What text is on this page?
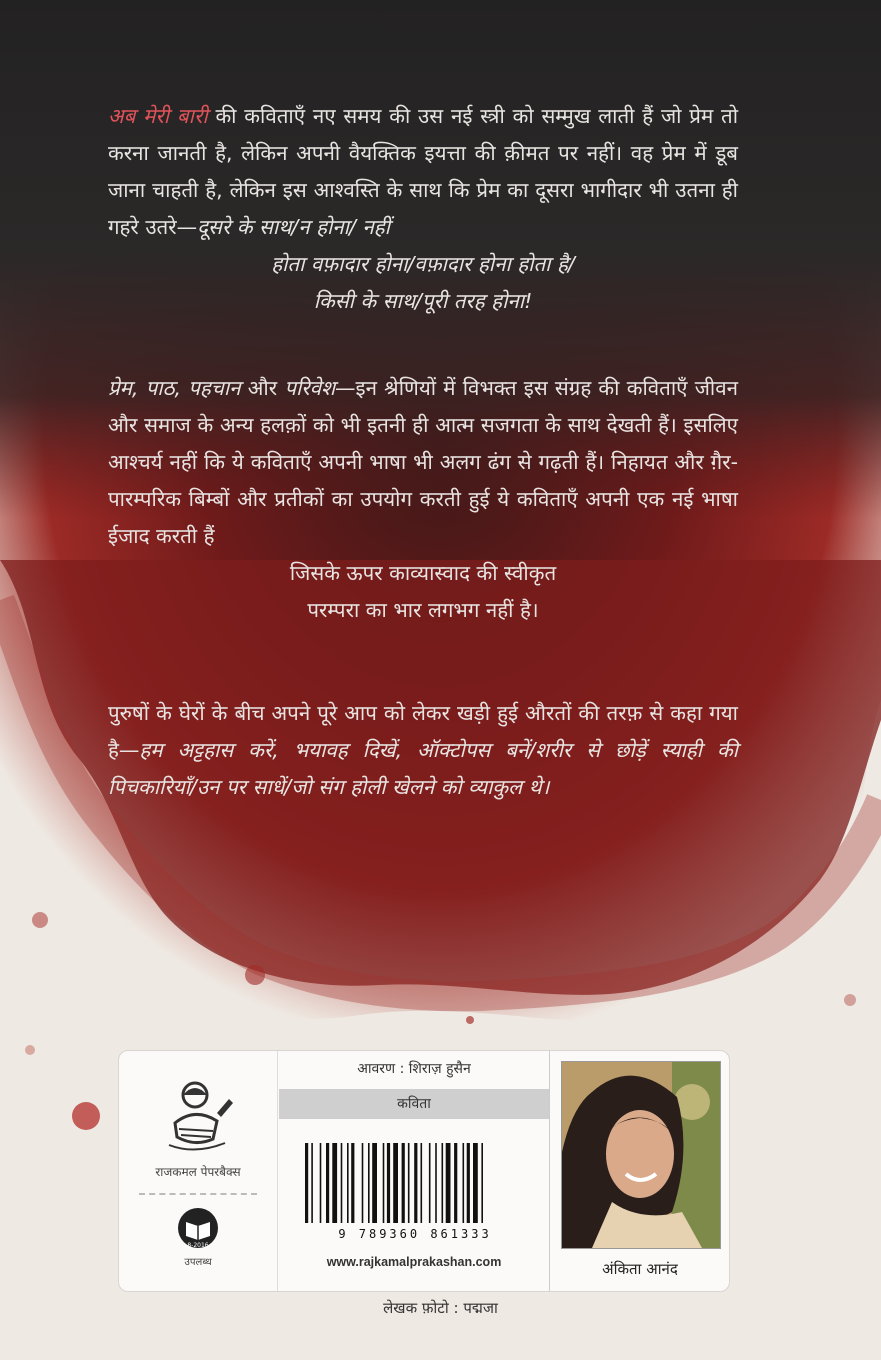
अब मेरी बारी की कविताएँ नए समय की उस नई स्त्री को सम्मुख लाती हैं जो प्रेम तो करना जानती है, लेकिन अपनी वैयक्तिक इयत्ता की क़ीमत पर नहीं। वह प्रेम में डूब जाना चाहती है, लेकिन इस आश्वस्ति के साथ कि प्रेम का दूसरा भागीदार भी उतना ही गहरे उतरे—दूसरे के साथ/न होना/ नहीं
होता वफ़ादार होना/वफ़ादार होना होता है/
किसी के साथ/पूरी तरह होना!
प्रेम, पाठ, पहचान और परिवेश—इन श्रेणियों में विभक्त इस संग्रह की कविताएँ जीवन और समाज के अन्य हलक़ों को भी इतनी ही आत्म सजगता के साथ देखती हैं। इसलिए आश्चर्य नहीं कि ये कविताएँ अपनी भाषा भी अलग ढंग से गढ़ती हैं। निहायत और ग़ैर-पारम्परिक बिम्बों और प्रतीकों का उपयोग करती हुई ये कविताएँ अपनी एक नई भाषा ईजाद करती हैं
जिसके ऊपर काव्यास्वाद की स्वीकृत
परम्परा का भार लगभग नहीं है।
पुरुषों के घेरों के बीच अपने पूरे आप को लेकर खड़ी हुई औरतों की तरफ़ से कहा गया है—हम अट्टहास करें, भयावह दिखें, ऑक्टोपस बनें/शरीर से छोड़ें स्याही की पिचकारियाँ/उन पर साधें/जो संग होली खेलने को व्याकुल थे।
राजकमल पेपरबैक्स
8-2016
उपलब्ध
आवरण : शिराज़ हुसैन
कविता
9 789360 861333
www.rajkamalprakashan.com	अंकिता आनंद
लेखक फ़ोटो : पद्मजा
